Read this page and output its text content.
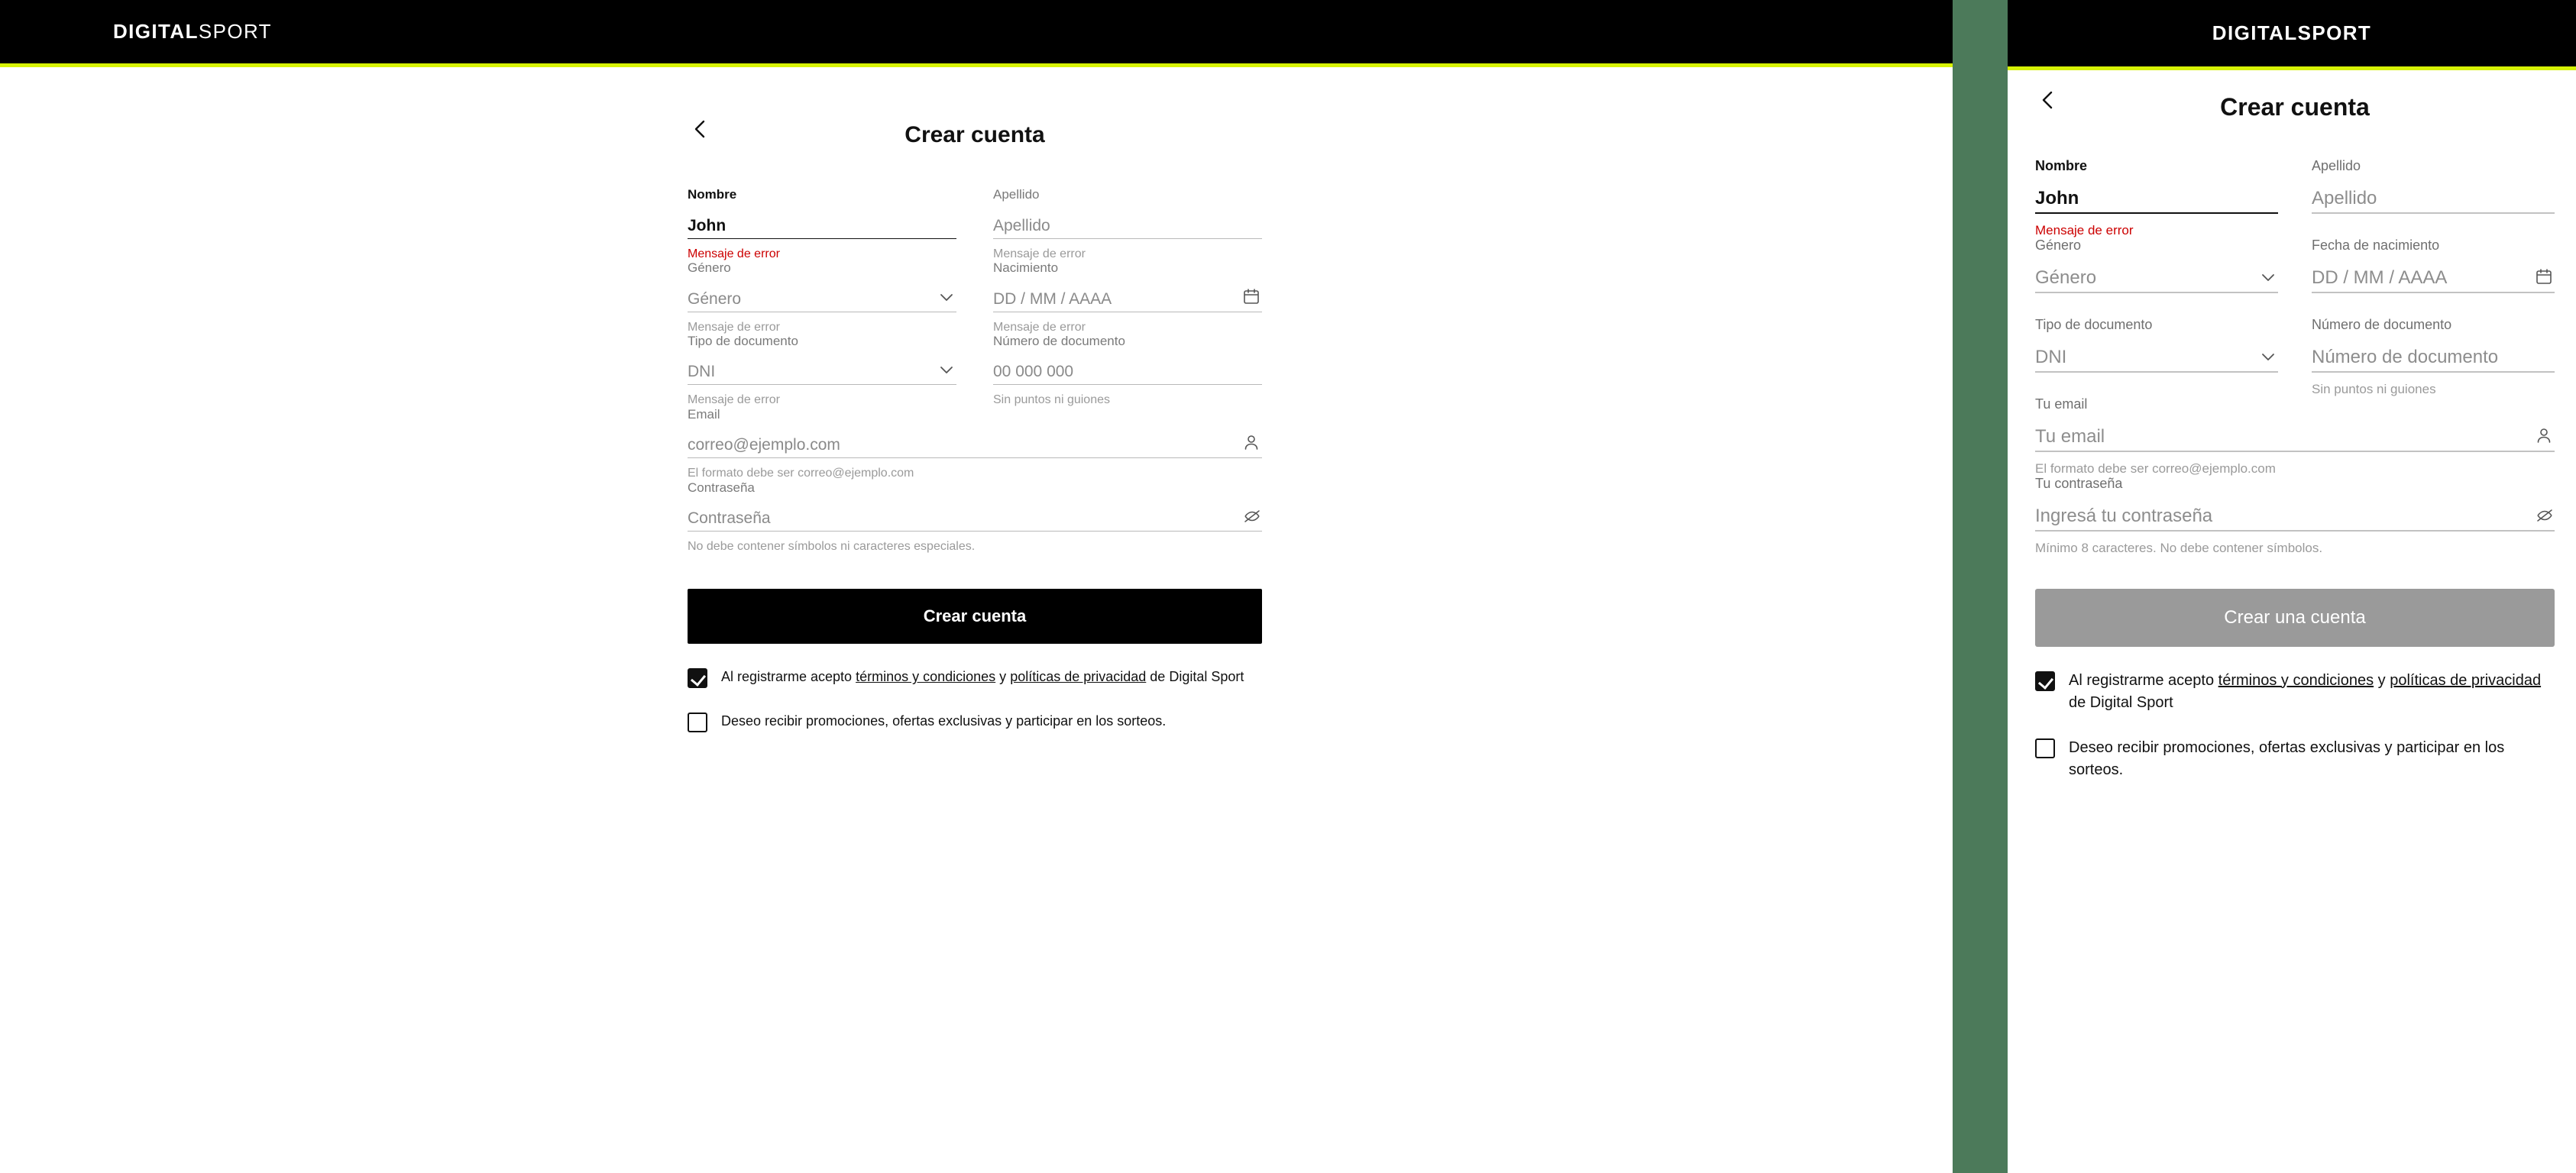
DIGITALSPORT
Crear cuenta
Nombre
John
Mensaje de error
Apellido
Apellido
Mensaje de error
Género
Género
Mensaje de error
Nacimiento
DD / MM / AAAA
Mensaje de error
Tipo de documento
DNI
Mensaje de error
Número de documento
00 000 000
Sin puntos ni guiones
Email
correo@ejemplo.com
El formato debe ser correo@ejemplo.com
Contraseña
Contraseña
No debe contener símbolos ni caracteres especiales.
Crear cuenta
Al registrarme acepto términos y condiciones y políticas de privacidad de Digital Sport
Deseo recibir promociones, ofertas exclusivas y participar en los sorteos.
DIGITALSPORT
Crear cuenta
Nombre
John
Mensaje de error
Apellido
Apellido
Género
Género
Fecha de nacimiento
DD / MM / AAAA
Tipo de documento
DNI
Número de documento
Número de documento
Sin puntos ni guiones
Tu email
Tu email
El formato debe ser correo@ejemplo.com
Tu contraseña
Ingresá tu contraseña
Mínimo 8 caracteres. No debe contener símbolos.
Crear una cuenta
Al registrarme acepto términos y condiciones y políticas de privacidad de Digital Sport
Deseo recibir promociones, ofertas exclusivas y participar en los sorteos.
